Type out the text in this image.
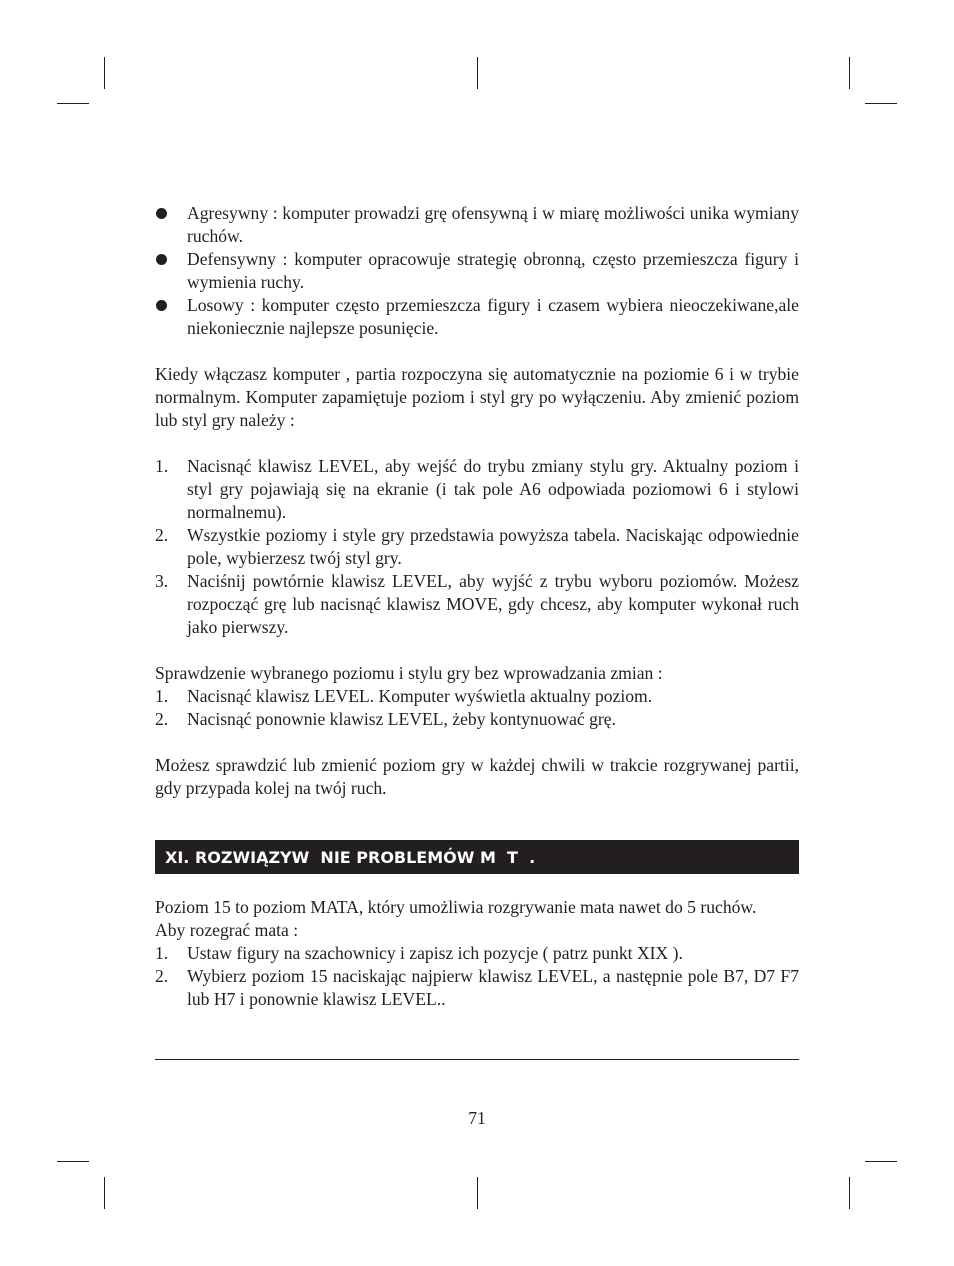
Agresywny : komputer prowadzi grę ofensywną i w miarę możliwości unika wymiany ruchów.
Defensywny : komputer opracowuje strategię obronną, często przemieszcza figury i wymienia ruchy.
Losowy : komputer często przemieszcza figury i czasem wybiera nieoczekiwane,ale niekoniecznie najlepsze posunięcie.

Kiedy włączasz komputer , partia rozpoczyna się automatycznie na poziomie 6 i w trybie normalnym. Komputer zapamiętuje poziom i styl gry po wyłączeniu. Aby zmienić poziom lub styl gry należy :

1. Nacisnąć klawisz LEVEL, aby wejść do trybu zmiany stylu gry. Aktualny poziom i styl gry pojawiają się na ekranie (i tak pole A6 odpowiada poziomowi 6 i stylowi normalnemu).
2. Wszystkie poziomy i style gry przedstawia powyższa tabela. Naciskając odpowiednie pole, wybierzesz twój styl gry.
3. Naciśnij powtórnie klawisz LEVEL, aby wyjść z trybu wyboru poziomów. Możesz rozpocząć grę lub nacisnąć klawisz MOVE, gdy chcesz, aby komputer wykonał ruch jako pierwszy.

Sprawdzenie wybranego poziomu i stylu gry bez wprowadzania zmian :

1. Nacisnąć klawisz LEVEL. Komputer wyświetla aktualny poziom.
2. Nacisnąć ponownie klawisz LEVEL, żeby kontynuować grę.

Możesz sprawdzić lub zmienić poziom gry w każdej chwili w trakcie rozgrywanej partii, gdy przypada kolej na twój ruch.

XI. ROZWIĄZYW  NIE PROBLEMÓW M  T  .

Poziom 15 to poziom MATA, który umożliwia rozgrywanie mata nawet do 5 ruchów.

Aby rozegrać mata :

1. Ustaw figury na szachownicy i zapisz ich pozycje ( patrz punkt XIX ).
2. Wybierz poziom 15 naciskając najpierw klawisz LEVEL, a następnie pole B7, D7 F7 lub H7 i ponownie klawisz LEVEL..
71
